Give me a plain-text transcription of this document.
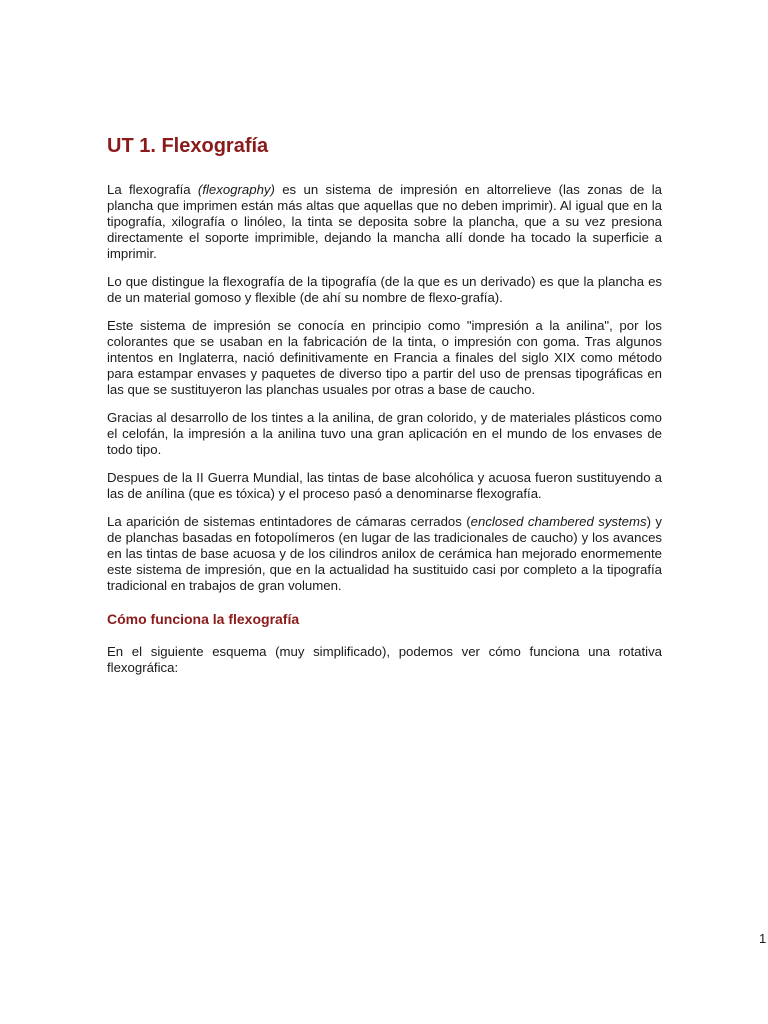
UT 1. Flexografía

La flexografía (flexography) es un sistema de impresión en altorrelieve (las zonas de la plancha que imprimen están más altas que aquellas que no deben imprimir). Al igual que en la tipografía, xilografía o linóleo, la tinta se deposita sobre la plancha, que a su vez presiona directamente el soporte imprimible, dejando la mancha allí donde ha tocado la superficie a imprimir.

Lo que distingue la flexografía de la tipografía (de la que es un derivado) es que la plancha es de un material gomoso y flexible (de ahí su nombre de flexo-grafía).

Este sistema de impresión se conocía en principio como "impresión a la anilina", por los colorantes que se usaban en la fabricación de la tinta, o impresión con goma. Tras algunos intentos en Inglaterra, nació definitivamente en Francia a finales del siglo XIX como método para estampar envases y paquetes de diverso tipo a partir del uso de prensas tipográficas en las que se sustituyeron las planchas usuales por otras a base de caucho.

Gracias al desarrollo de los tintes a la anilina, de gran colorido, y de materiales plásticos como el celofán, la impresión a la anilina tuvo una gran aplicación en el mundo de los envases de todo tipo.

Despues de la II Guerra Mundial, las tintas de base alcohólica y acuosa fueron sustituyendo a las de anílina (que es tóxica) y el proceso pasó a denominarse flexografía.

La aparición de sistemas entintadores de cámaras cerrados (enclosed chambered systems) y de planchas basadas en fotopolímeros (en lugar de las tradicionales de caucho) y los avances en las tintas de base acuosa y de los cilindros anilox de cerámica han mejorado enormemente este sistema de impresión, que en la actualidad ha sustituido casi por completo a la tipografía tradicional en trabajos de gran volumen.

Cómo funciona la flexografía

En el siguiente esquema (muy simplificado), podemos ver cómo funciona una rotativa flexográfica:

1
